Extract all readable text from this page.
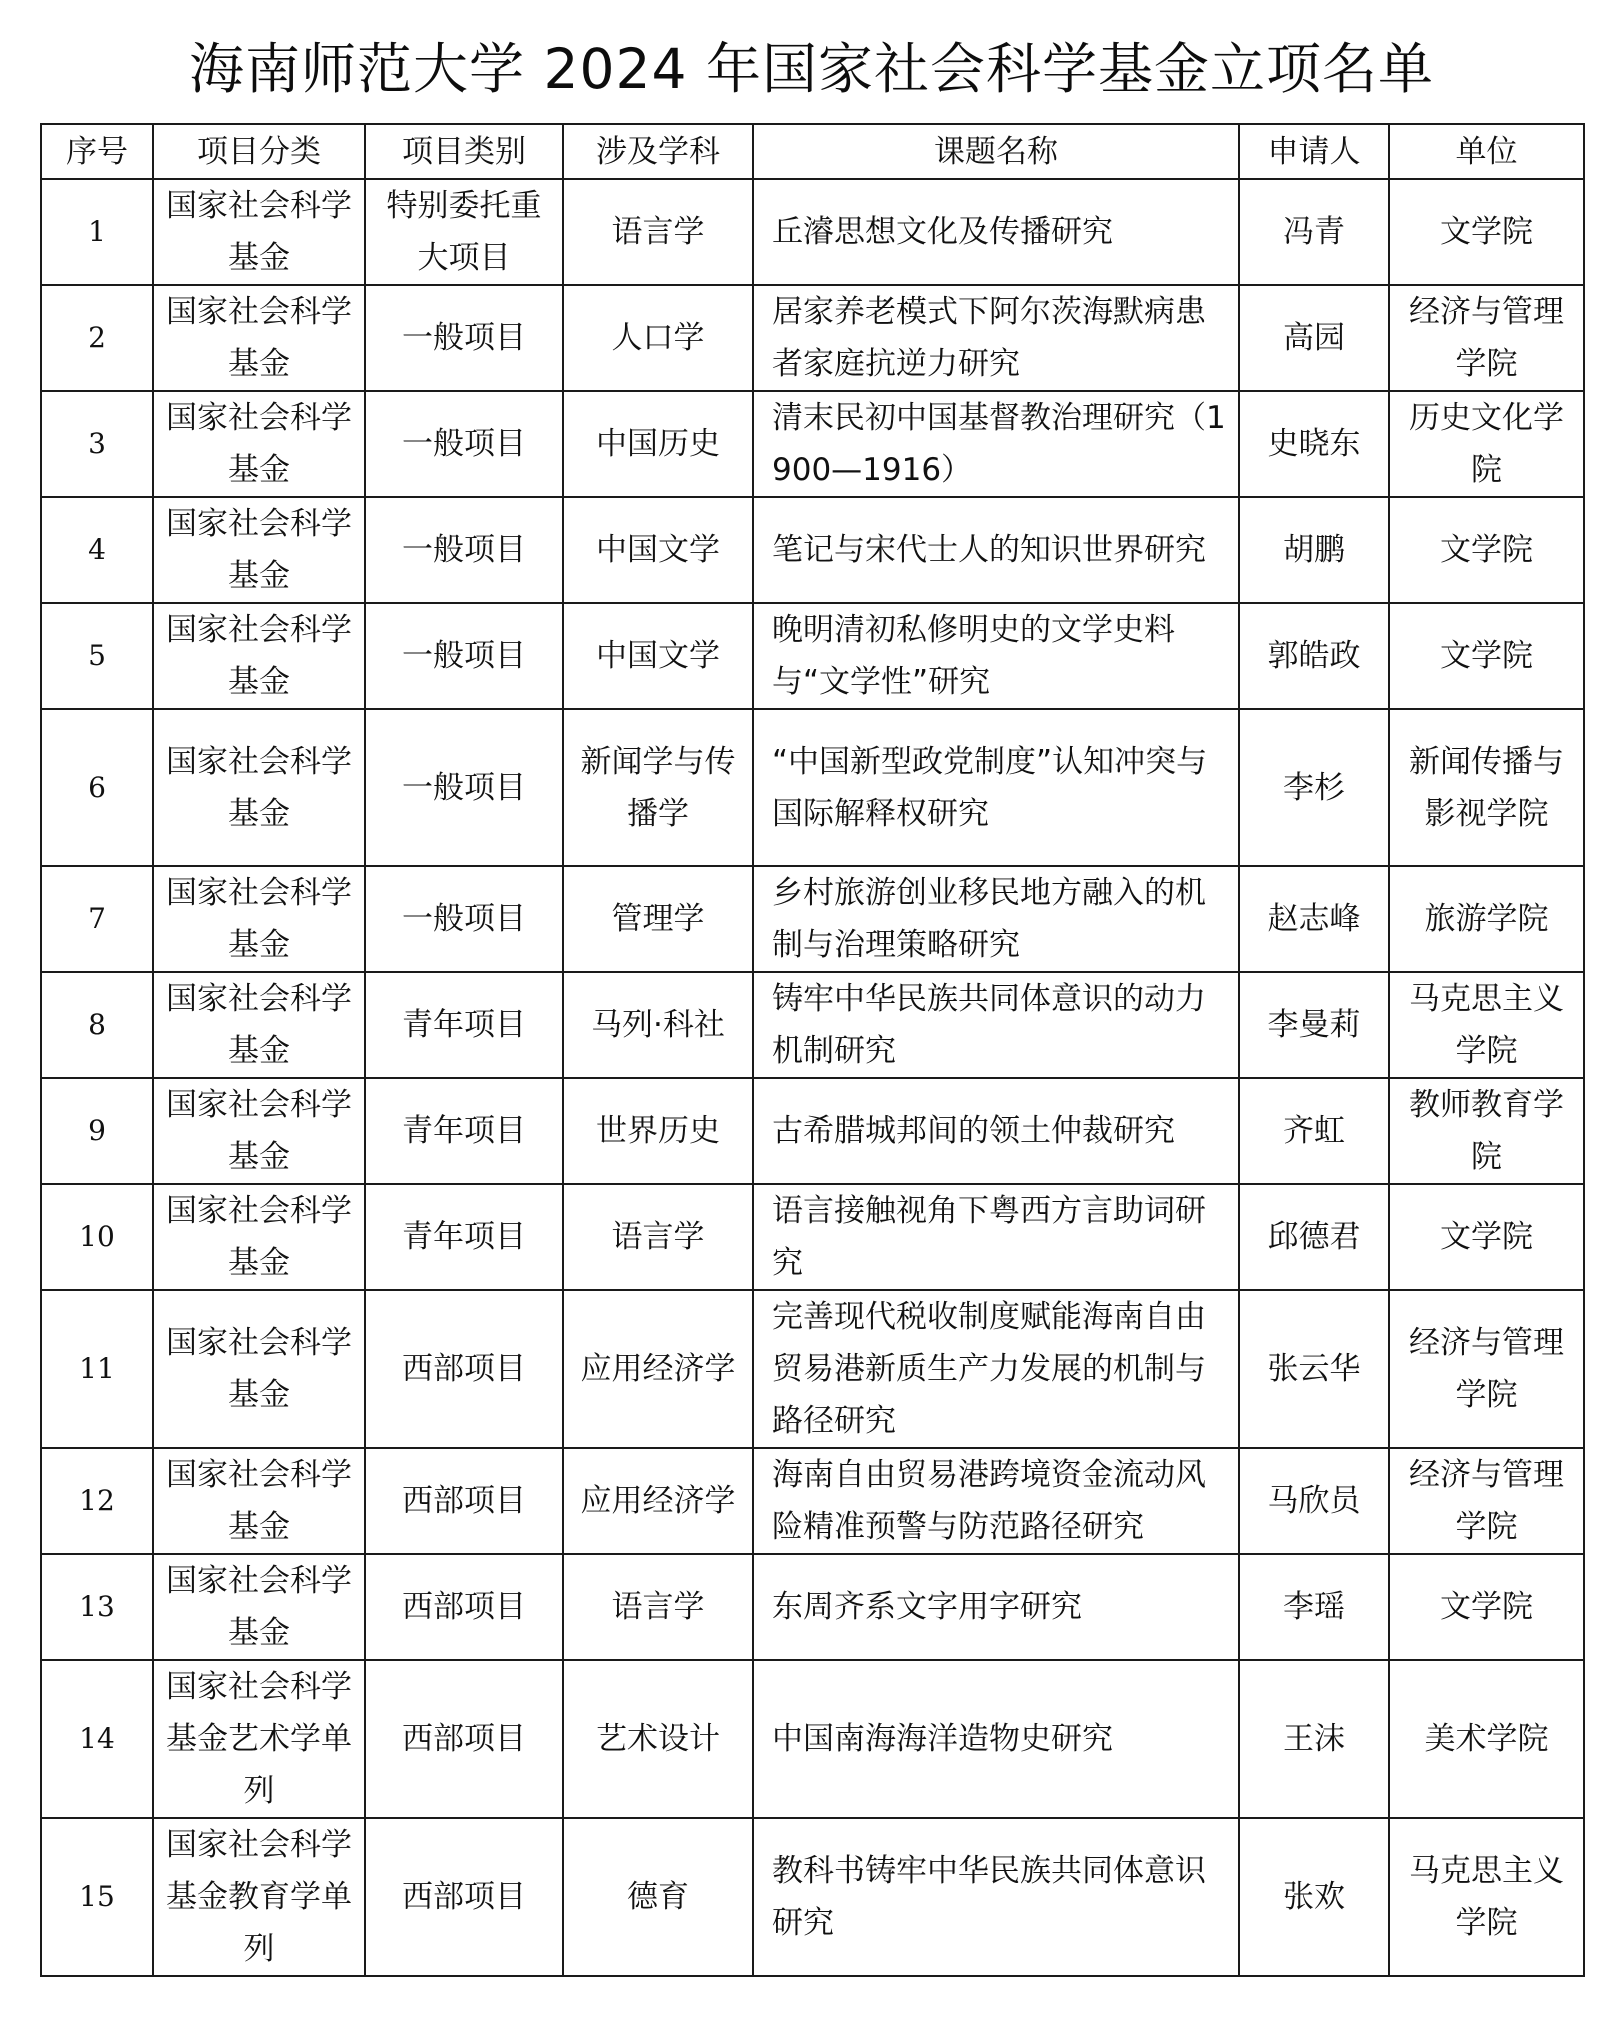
海南师范大学 2024 年国家社会科学基金立项名单
序号	项目分类	项目类别	涉及学科	课题名称	申请人	单位
1	国家社会科学基金	特别委托重大项目	语言学	丘濬思想文化及传播研究	冯青	文学院
2	国家社会科学基金	一般项目	人口学	居家养老模式下阿尔茨海默病患者家庭抗逆力研究	高园	经济与管理学院
3	国家社会科学基金	一般项目	中国历史	清末民初中国基督教治理研究（1900—1916）	史晓东	历史文化学院
4	国家社会科学基金	一般项目	中国文学	笔记与宋代士人的知识世界研究	胡鹏	文学院
5	国家社会科学基金	一般项目	中国文学	晚明清初私修明史的文学史料与“文学性”研究	郭皓政	文学院
6	国家社会科学基金	一般项目	新闻学与传播学	“中国新型政党制度”认知冲突与国际解释权研究	李杉	新闻传播与影视学院
7	国家社会科学基金	一般项目	管理学	乡村旅游创业移民地方融入的机制与治理策略研究	赵志峰	旅游学院
8	国家社会科学基金	青年项目	马列·科社	铸牢中华民族共同体意识的动力机制研究	李曼莉	马克思主义学院
9	国家社会科学基金	青年项目	世界历史	古希腊城邦间的领土仲裁研究	齐虹	教师教育学院
10	国家社会科学基金	青年项目	语言学	语言接触视角下粤西方言助词研究	邱德君	文学院
11	国家社会科学基金	西部项目	应用经济学	完善现代税收制度赋能海南自由贸易港新质生产力发展的机制与路径研究	张云华	经济与管理学院
12	国家社会科学基金	西部项目	应用经济学	海南自由贸易港跨境资金流动风险精准预警与防范路径研究	马欣员	经济与管理学院
13	国家社会科学基金	西部项目	语言学	东周齐系文字用字研究	李瑶	文学院
14	国家社会科学基金艺术学单列	西部项目	艺术设计	中国南海海洋造物史研究	王沫	美术学院
15	国家社会科学基金教育学单列	西部项目	德育	教科书铸牢中华民族共同体意识研究	张欢	马克思主义学院
